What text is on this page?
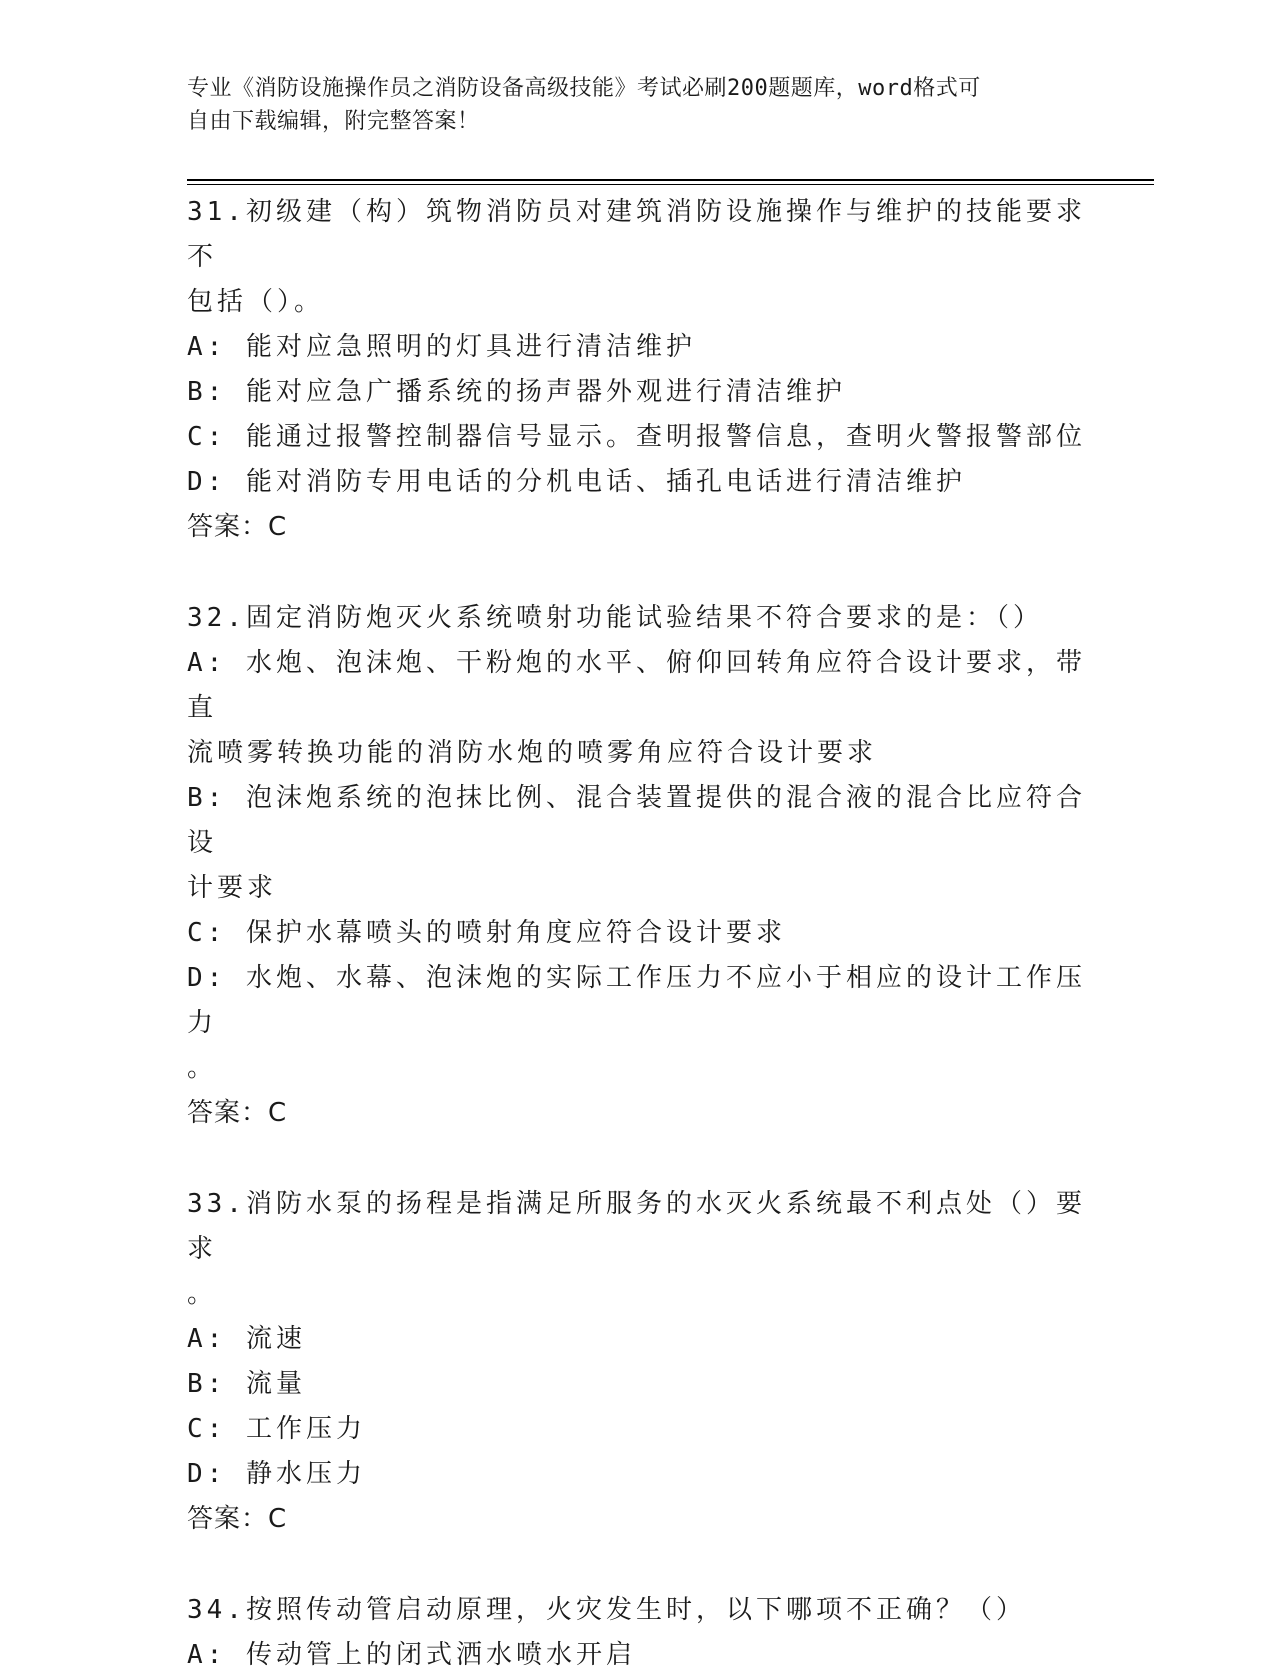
专业《消防设施操作员之消防设备高级技能》考试必刷200题题库，word格式可
自由下载编辑，附完整答案！
31.初级建（构）筑物消防员对建筑消防设施操作与维护的技能要求不
包括（）。
A: 能对应急照明的灯具进行清洁维护
B: 能对应急广播系统的扬声器外观进行清洁维护
C: 能通过报警控制器信号显示。查明报警信息，查明火警报警部位
D: 能对消防专用电话的分机电话、插孔电话进行清洁维护
答案：C
32.固定消防炮灭火系统喷射功能试验结果不符合要求的是：（）
A: 水炮、泡沫炮、干粉炮的水平、俯仰回转角应符合设计要求，带直
流喷雾转换功能的消防水炮的喷雾角应符合设计要求
B: 泡沫炮系统的泡抹比例、混合装置提供的混合液的混合比应符合设
计要求
C: 保护水幕喷头的喷射角度应符合设计要求
D: 水炮、水幕、泡沫炮的实际工作压力不应小于相应的设计工作压力
。
答案：C
33.消防水泵的扬程是指满足所服务的水灭火系统最不利点处（）要求
。
A: 流速
B: 流量
C: 工作压力
D: 静水压力
答案：C
34.按照传动管启动原理，火灾发生时，以下哪项不正确？（）
A: 传动管上的闭式洒水喷水开启
